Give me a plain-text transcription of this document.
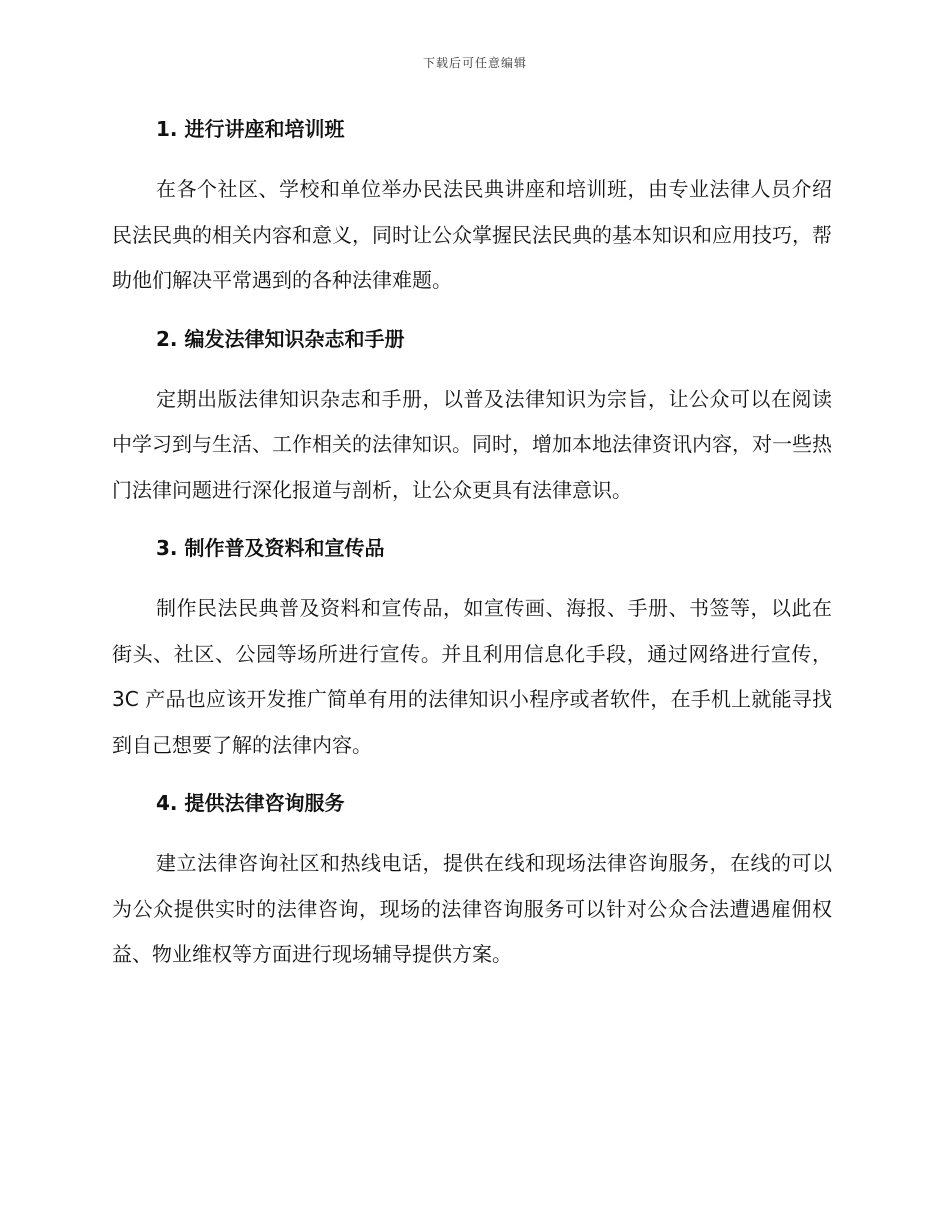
下载后可任意编辑
1. 进行讲座和培训班

在各个社区、学校和单位举办民法民典讲座和培训班，由专业法律人员介绍民法民典的相关内容和意义，同时让公众掌握民法民典的基本知识和应用技巧，帮助他们解决平常遇到的各种法律难题。

2. 编发法律知识杂志和手册

定期出版法律知识杂志和手册，以普及法律知识为宗旨，让公众可以在阅读中学习到与生活、工作相关的法律知识。同时，增加本地法律资讯内容，对一些热门法律问题进行深化报道与剖析，让公众更具有法律意识。

3. 制作普及资料和宣传品

制作民法民典普及资料和宣传品，如宣传画、海报、手册、书签等，以此在街头、社区、公园等场所进行宣传。并且利用信息化手段，通过网络进行宣传，3C 产品也应该开发推广简单有用的法律知识小程序或者软件，在手机上就能寻找到自己想要了解的法律内容。

4. 提供法律咨询服务

建立法律咨询社区和热线电话，提供在线和现场法律咨询服务，在线的可以为公众提供实时的法律咨询，现场的法律咨询服务可以针对公众合法遭遇雇佣权益、物业维权等方面进行现场辅导提供方案。
